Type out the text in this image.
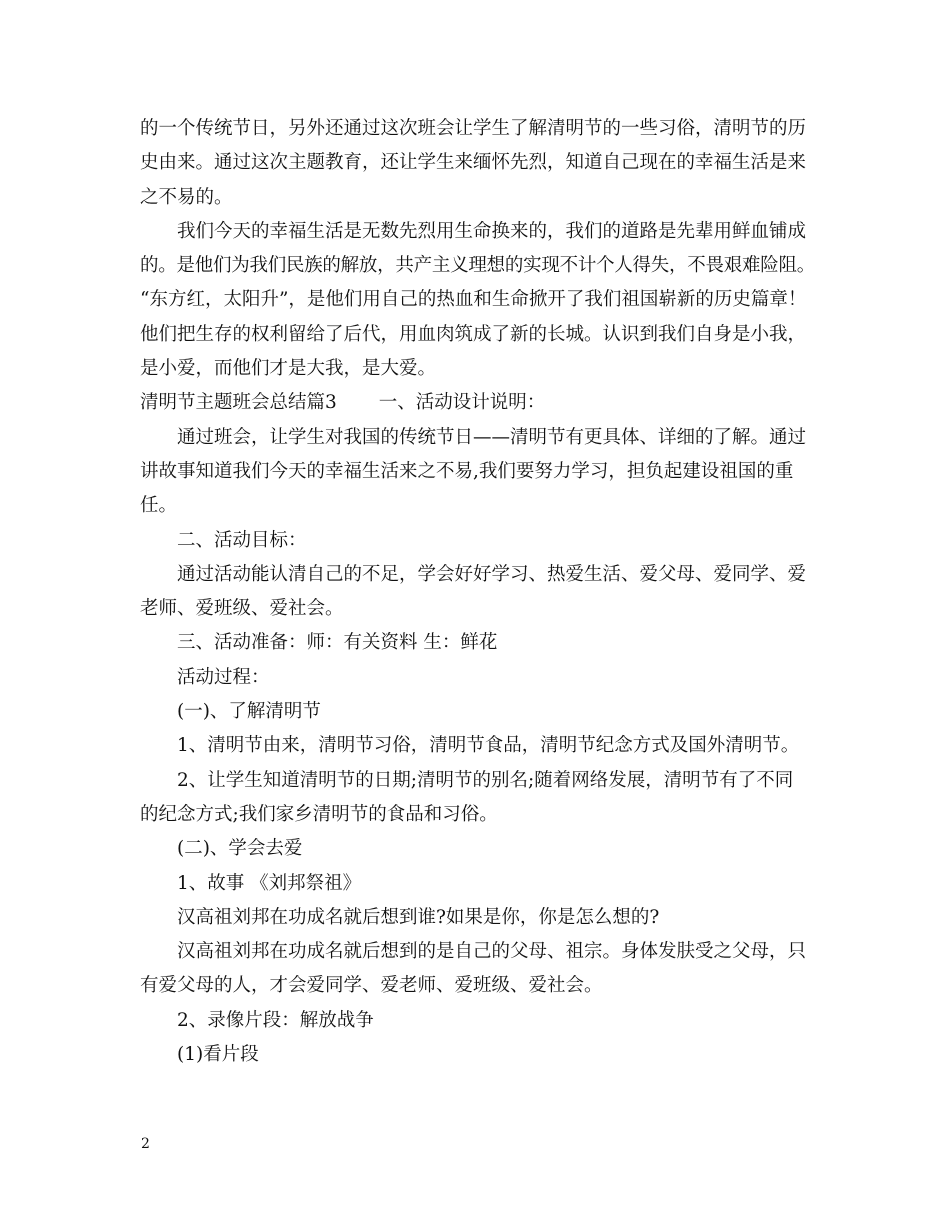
的一个传统节日，另外还通过这次班会让学生了解清明节的一些习俗，清明节的历
史由来。通过这次主题教育，还让学生来缅怀先烈，知道自己现在的幸福生活是来
之不易的。
我们今天的幸福生活是无数先烈用生命换来的，我们的道路是先辈用鲜血铺成
的。是他们为我们民族的解放，共产主义理想的实现不计个人得失，不畏艰难险阻。
“东方红，太阳升”，是他们用自己的热血和生命掀开了我们祖国崭新的历史篇章！
他们把生存的权利留给了后代，用血肉筑成了新的长城。认识到我们自身是小我，
是小爱，而他们才是大我，是大爱。
清明节主题班会总结篇3 一、活动设计说明：
通过班会，让学生对我国的传统节日——清明节有更具体、详细的了解。通过
讲故事知道我们今天的幸福生活来之不易,我们要努力学习，担负起建设祖国的重
任。
二、活动目标：
通过活动能认清自己的不足，学会好好学习、热爱生活、爱父母、爱同学、爱
老师、爱班级、爱社会。
三、活动准备：师：有关资料 生：鲜花
活动过程：
(一)、了解清明节
1、清明节由来，清明节习俗，清明节食品，清明节纪念方式及国外清明节。
2、让学生知道清明节的日期;清明节的别名;随着网络发展，清明节有了不同
的纪念方式;我们家乡清明节的食品和习俗。
(二)、学会去爱
1、故事 《刘邦祭祖》
汉高祖刘邦在功成名就后想到谁?如果是你，你是怎么想的?
汉高祖刘邦在功成名就后想到的是自己的父母、祖宗。身体发肤受之父母，只
有爱父母的人，才会爱同学、爱老师、爱班级、爱社会。
2、录像片段：解放战争
(1)看片段
2
